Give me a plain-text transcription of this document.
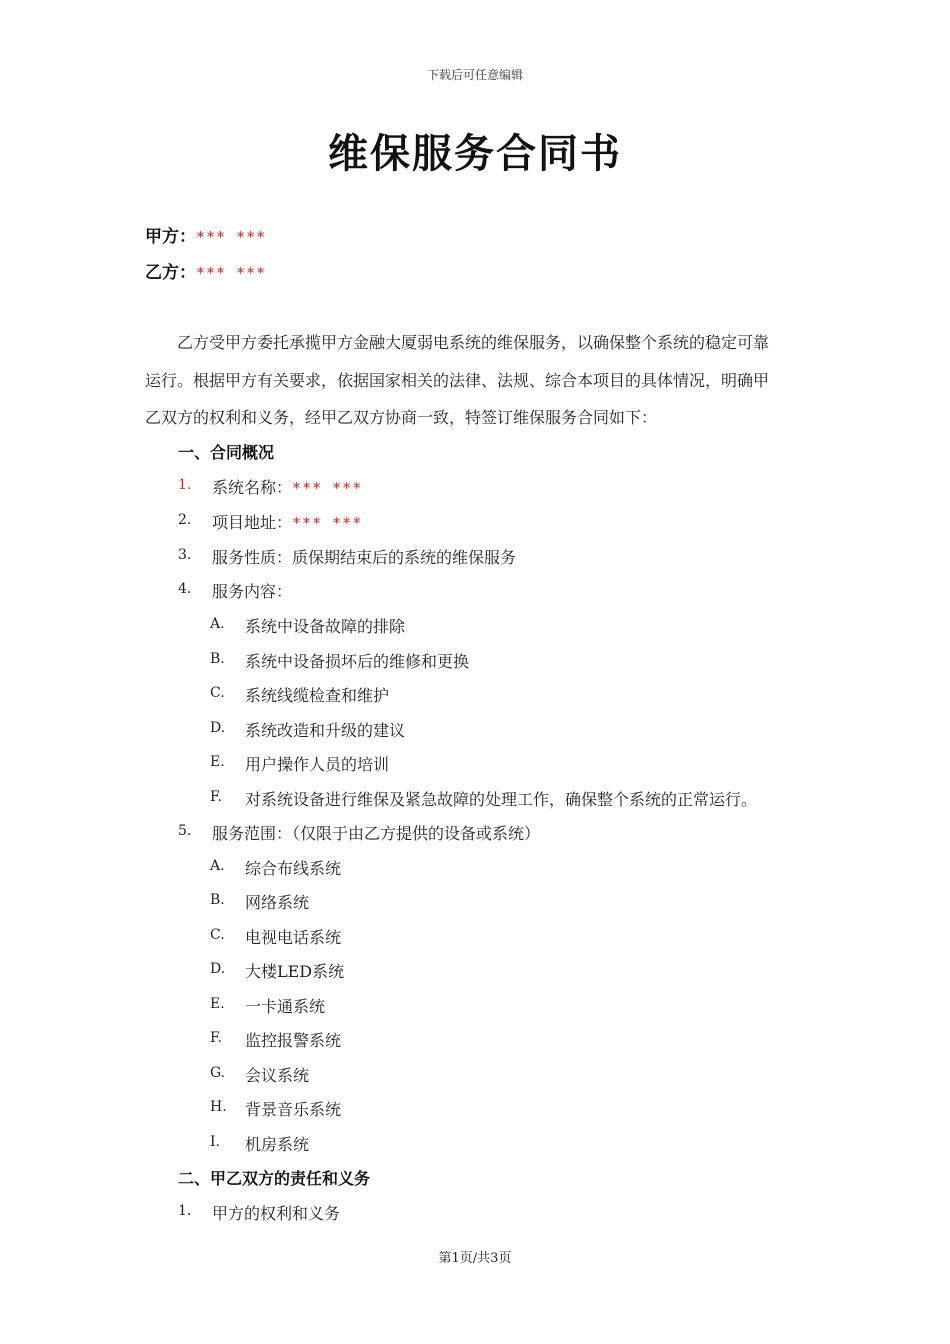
下载后可任意编辑
维保服务合同书
甲方：*** ***
乙方：*** ***
乙方受甲方委托承揽甲方金融大厦弱电系统的维保服务，以确保整个系统的稳定可靠
运行。根据甲方有关要求，依据国家相关的法律、法规、综合本项目的具体情况，明确甲
乙双方的权利和义务，经甲乙双方协商一致，特签订维保服务合同如下：
一、合同概况
1. 系统名称：*** ***
2. 项目地址：*** ***
3. 服务性质：质保期结束后的系统的维保服务
4. 服务内容：
A. 系统中设备故障的排除
B. 系统中设备损坏后的维修和更换
C. 系统线缆检查和维护
D. 系统改造和升级的建议
E. 用户操作人员的培训
F. 对系统设备进行维保及紧急故障的处理工作，确保整个系统的正常运行。
5. 服务范围：（仅限于由乙方提供的设备或系统）
A. 综合布线系统
B. 网络系统
C. 电视电话系统
D. 大楼LED系统
E. 一卡通系统
F. 监控报警系统
G. 会议系统
H. 背景音乐系统
I. 机房系统
二、甲乙双方的责任和义务
1. 甲方的权利和义务
第1页/共3页
